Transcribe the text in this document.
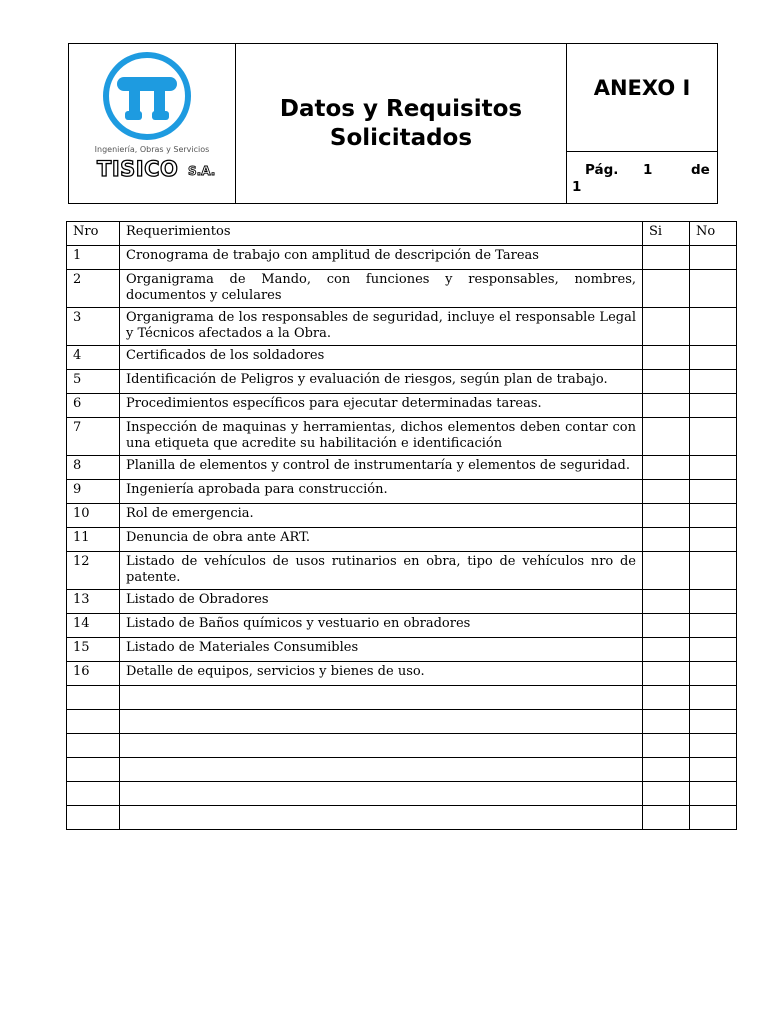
Ingeniería, Obras y Servicios
TISICO S.A.
Datos y Requisitos
Solicitados
ANEXO I
Pág. 1	de
1
Nro	Requerimientos	Si	No
1	Cronograma de trabajo con amplitud de descripción de Tareas		
2	Organigrama de Mando, con funciones y responsables, nombres, documentos y celulares		
3	Organigrama de los responsables de seguridad, incluye el responsable Legal y Técnicos afectados a la Obra.		
4	Certificados de los soldadores		
5	Identificación de Peligros y evaluación de riesgos, según plan de trabajo.		
6	Procedimientos específicos para ejecutar determinadas tareas.		
7	Inspección de maquinas y herramientas, dichos elementos deben contar con una etiqueta que acredite su habilitación e identificación		
8	Planilla de elementos y control de instrumentaría y elementos de seguridad.		
9	Ingeniería aprobada para construcción.		
10	Rol de emergencia.		
11	Denuncia de obra ante ART.		
12	Listado de vehículos de usos rutinarios en obra, tipo de vehículos nro de patente.		
13	Listado de Obradores		
14	Listado de Baños químicos y vestuario en obradores		
15	Listado de Materiales Consumibles		
16	Detalle de equipos, servicios y bienes de uso.		
